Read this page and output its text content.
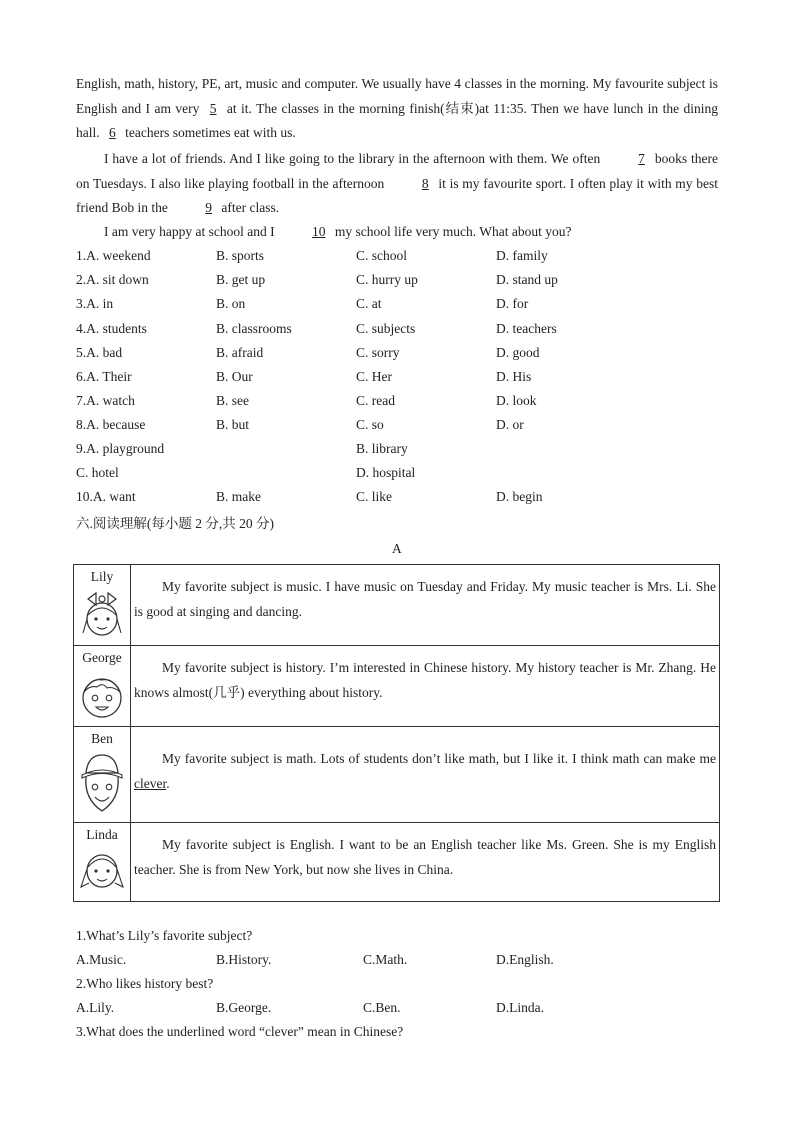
English, math, history, PE, art, music and computer. We usually have 4 classes in the morning. My favourite subject is English and I am very 5 at it. The classes in the morning finish(结束)at 11:35. Then we have lunch in the dining hall. 6 teachers sometimes eat with us.
I have a lot of friends. And I like going to the library in the afternoon with them. We often	7 books there on Tuesdays. I also like playing football in the afternoon	8 it is my favourite sport. I often play it with my best friend Bob in the	9 after class.
I am very happy at school and I	10 my school life very much. What about you?
1.A. weekend	B. sports	C. school	D. family
2.A. sit down	B. get up	C. hurry up	D. stand up
3.A. in	B. on	C. at	D. for
4.A. students	B. classrooms	C. subjects	D. teachers
5.A. bad	B. afraid	C. sorry	D. good
6.A. Their	B. Our	C. Her	D. His
7.A. watch	B. see	C. read	D. look
8.A. because	B. but	C. so	D. or
9.A. playground	B. library
C. hotel	D. hospital
10.A. want	B. make	C. like	D. begin
六.阅读理解(每小题 2 分,共 20 分)
A
Lily	My favorite subject is music. I have music on Tuesday and Friday. My music teacher is Mrs. Li. She is good at singing and dancing.

George	My favorite subject is history. I’m interested in Chinese history. My history teacher is Mr. Zhang. He knows almost(几乎) everything about history.

Ben	My favorite subject is math. Lots of students don’t like math, but I like it. I think math can make me clever.

Linda	My favorite subject is English. I want to be an English teacher like Ms. Green. She is my English teacher. She is from New York, but now she lives in China.
1.What’s Lily’s favorite subject?
A.Music.	B.History.	C.Math.	D.English.
2.Who likes history best?
A.Lily.	B.George.	C.Ben.	D.Linda.
3.What does the underlined word “clever” mean in Chinese?
